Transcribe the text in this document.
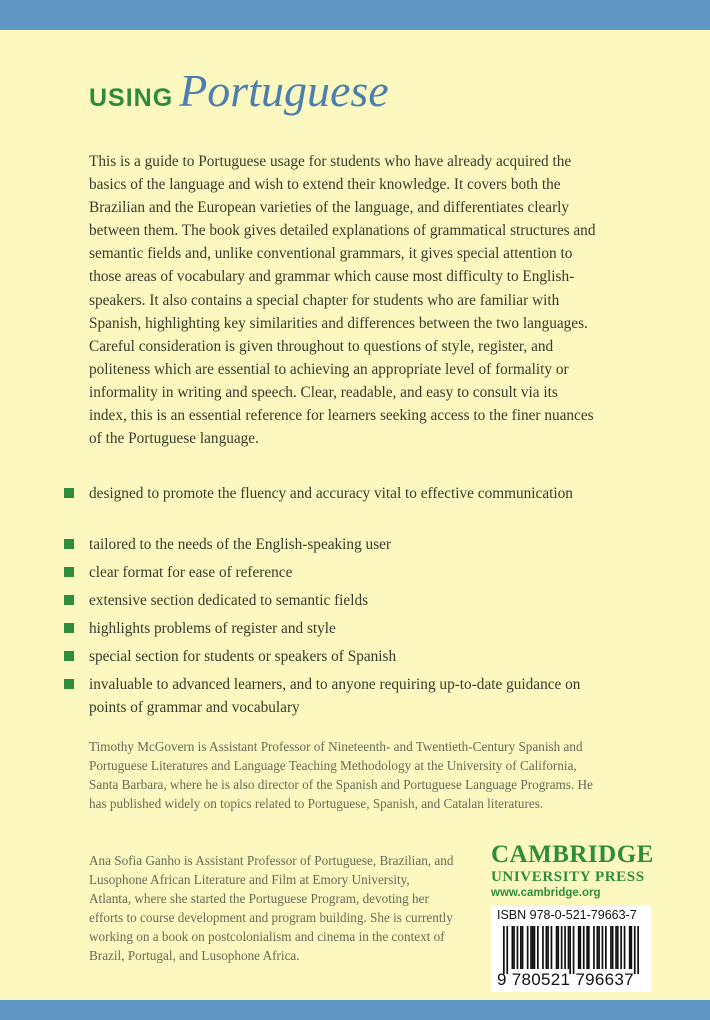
USING Portuguese

This is a guide to Portuguese usage for students who have already acquired the basics of the language and wish to extend their knowledge. It covers both the Brazilian and the European varieties of the language, and differentiates clearly between them. The book gives detailed explanations of grammatical structures and semantic fields and, unlike conventional grammars, it gives special attention to those areas of vocabulary and grammar which cause most difficulty to English-speakers. It also contains a special chapter for students who are familiar with Spanish, highlighting key similarities and differences between the two languages. Careful consideration is given throughout to questions of style, register, and politeness which are essential to achieving an appropriate level of formality or informality in writing and speech. Clear, readable, and easy to consult via its index, this is an essential reference for learners seeking access to the finer nuances of the Portuguese language.

designed to promote the fluency and accuracy vital to effective communication
tailored to the needs of the English-speaking user
clear format for ease of reference
extensive section dedicated to semantic fields
highlights problems of register and style
special section for students or speakers of Spanish
invaluable to advanced learners, and to anyone requiring up-to-date guidance on points of grammar and vocabulary

Timothy McGovern is Assistant Professor of Nineteenth- and Twentieth-Century Spanish and Portuguese Literatures and Language Teaching Methodology at the University of California, Santa Barbara, where he is also director of the Spanish and Portuguese Language Programs. He has published widely on topics related to Portuguese, Spanish, and Catalan literatures.

Ana Sofia Ganho is Assistant Professor of Portuguese, Brazilian, and Lusophone African Literature and Film at Emory University, Atlanta, where she started the Portuguese Program, devoting her efforts to course development and program building. She is currently working on a book on postcolonialism and cinema in the context of Brazil, Portugal, and Lusophone Africa.

CAMBRIDGE
UNIVERSITY PRESS
www.cambridge.org
ISBN 978-0-521-79663-7
9 780521 796637
